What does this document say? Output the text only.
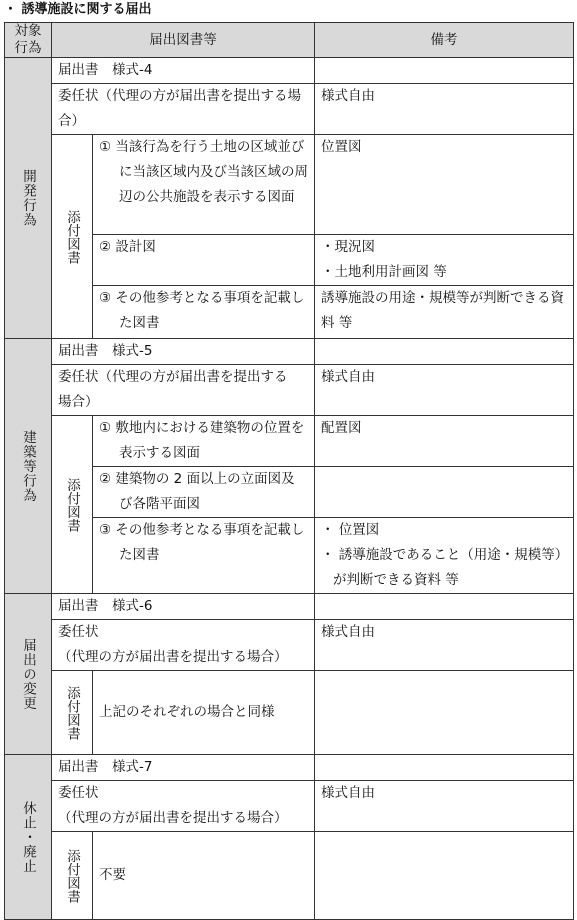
・ 誘導施設に関する届出
対象行為	届出図書等		備考

開発行為	届出書　様式-4		
	委任状（代理の方が届出書を提出する場合）		様式自由

	添付図書	① 当該行為を行う土地の区域並びに当該区域内及び当該区域の周辺の公共施設を表示する図面	位置図
		② 設計図	・現況図
・土地利用計画図 等

		③ その他参考となる事項を記載した図書	誘導施設の用途・規模等が判断できる資料 等

建築等行為	届出書　様式-5		
	委任状（代理の方が届出書を提出する　場合）		様式自由

	添付図書	① 敷地内における建築物の位置を表示する図面	配置図
		② 建築物の 2 面以上の立面図及び各階平面図	
		③ その他参考となる事項を記載した図書	・ 位置図
・ 誘導施設であること（用途・規模等）が判断できる資料 等

届出の変更	届出書　様式-6		

	委任状
（代理の方が届出書を提出する場合）		様式自由

	添付図書	上記のそれぞれの場合と同様	

休止・廃止	届出書　様式-7		

	委任状
（代理の方が届出書を提出する場合）		様式自由

	添付図書	不要	
